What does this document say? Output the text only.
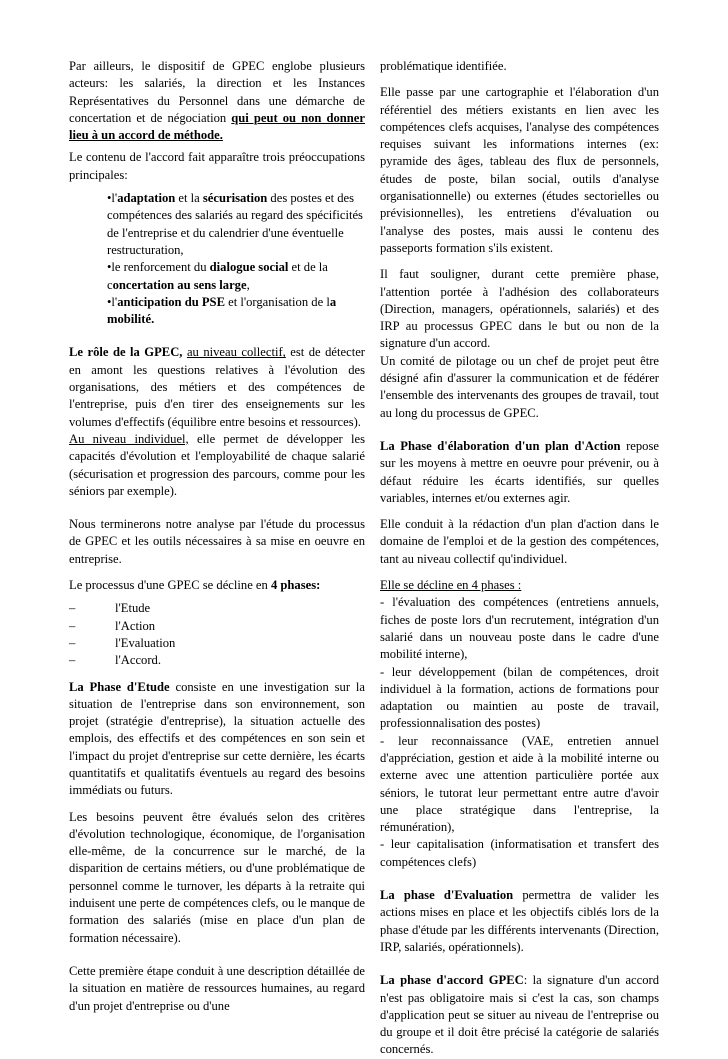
Par ailleurs, le dispositif de GPEC englobe plusieurs acteurs: les salariés, la direction et les Instances Représentatives du Personnel dans une démarche de concertation et de négociation qui peut ou non donner lieu à un accord de méthode.

Le contenu de l'accord fait apparaître trois préoccupations principales:

•l'adaptation et la sécurisation des postes et des compétences des salariés au regard des spécificités de l'entreprise et du calendrier d'une éventuelle restructuration,

•le renforcement du dialogue social et de la concertation au sens large,

•l'anticipation du PSE et l'organisation de la mobilité.

Le rôle de la GPEC, au niveau collectif, est de détecter en amont les questions relatives à l'évolution des organisations, des métiers et des compétences de l'entreprise, puis d'en tirer des enseignements sur les volumes d'effectifs (équilibre entre besoins et ressources).
Au niveau individuel, elle permet de développer les capacités d'évolution et l'employabilité de chaque salarié (sécurisation et progression des parcours, comme pour les séniors par exemple).

Nous terminerons notre analyse par l'étude du processus de GPEC et les outils nécessaires à sa mise en oeuvre en entreprise.

Le processus d'une GPEC se décline en 4 phases:

–	l'Etude
–	l'Action
–	l'Evaluation
–	l'Accord.

La Phase d'Etude consiste en une investigation sur la situation de l'entreprise dans son environnement, son projet (stratégie d'entreprise), la situation actuelle des emplois, des effectifs et des compétences en son sein et l'impact du projet d'entreprise sur cette dernière, les écarts quantitatifs et qualitatifs éventuels au regard des besoins immédiats ou futurs.

Les besoins peuvent être évalués selon des critères d'évolution technologique, économique, de l'organisation elle-même, de la concurrence sur le marché, de la disparition de certains métiers, ou d'une problématique de personnel comme le turnover, les départs à la retraite qui induisent une perte de compétences clefs, ou le manque de formation des salariés (mise en place d'un plan de formation nécessaire).

Cette première étape conduit à une description détaillée de la situation en matière de ressources humaines, au regard d'un projet d'entreprise ou d'une

problématique identifiée.

Elle passe par une cartographie et l'élaboration d'un référentiel des métiers existants en lien avec les compétences clefs acquises, l'analyse des compétences requises suivant les informations internes (ex: pyramide des âges, tableau des flux de personnels, études de poste, bilan social, outils d'analyse organisationnelle) ou externes (études sectorielles ou prévisionnelles), les entretiens d'évaluation ou l'analyse des postes, mais aussi le contenu des passeports formation s'ils existent.

Il faut souligner, durant cette première phase, l'attention portée à l'adhésion des collaborateurs (Direction, managers, opérationnels, salariés) et des IRP au processus GPEC dans le but ou non de la signature d'un accord.

Un comité de pilotage ou un chef de projet peut être désigné afin d'assurer la communication et de fédérer l'ensemble des intervenants des groupes de travail, tout au long du processus de GPEC.

La Phase d'élaboration d'un plan d'Action repose sur les moyens à mettre en oeuvre pour prévenir, ou à défaut réduire les écarts identifiés, sur quelles variables, internes et/ou externes agir.

Elle conduit à la rédaction d'un plan d'action dans le domaine de l'emploi et de la gestion des compétences, tant au niveau collectif qu'individuel.

Elle se décline en 4 phases :

- l'évaluation des compétences (entretiens annuels, fiches de poste lors d'un recrutement, intégration d'un salarié dans un nouveau poste dans le cadre d'une mobilité interne),

- leur développement (bilan de compétences, droit individuel à la formation, actions de formations pour adaptation ou maintien au poste de travail, professionnalisation des postes)

- leur reconnaissance (VAE, entretien annuel d'appréciation, gestion et aide à la mobilité interne ou externe avec une attention particulière portée aux séniors, le tutorat leur permettant entre autre d'avoir une place stratégique dans l'entreprise, la rémunération),

- leur capitalisation (informatisation et transfert des compétences clefs)

La phase d'Evaluation permettra de valider les actions mises en place et les objectifs ciblés lors de la phase d'étude par les différents intervenants (Direction, IRP, salariés, opérationnels).

La phase d'accord GPEC: la signature d'un accord n'est pas obligatoire mais si c'est la cas, son champs d'application peut se situer au niveau de l'entreprise ou du groupe et il doit être précisé la catégorie de salariés concernés.
